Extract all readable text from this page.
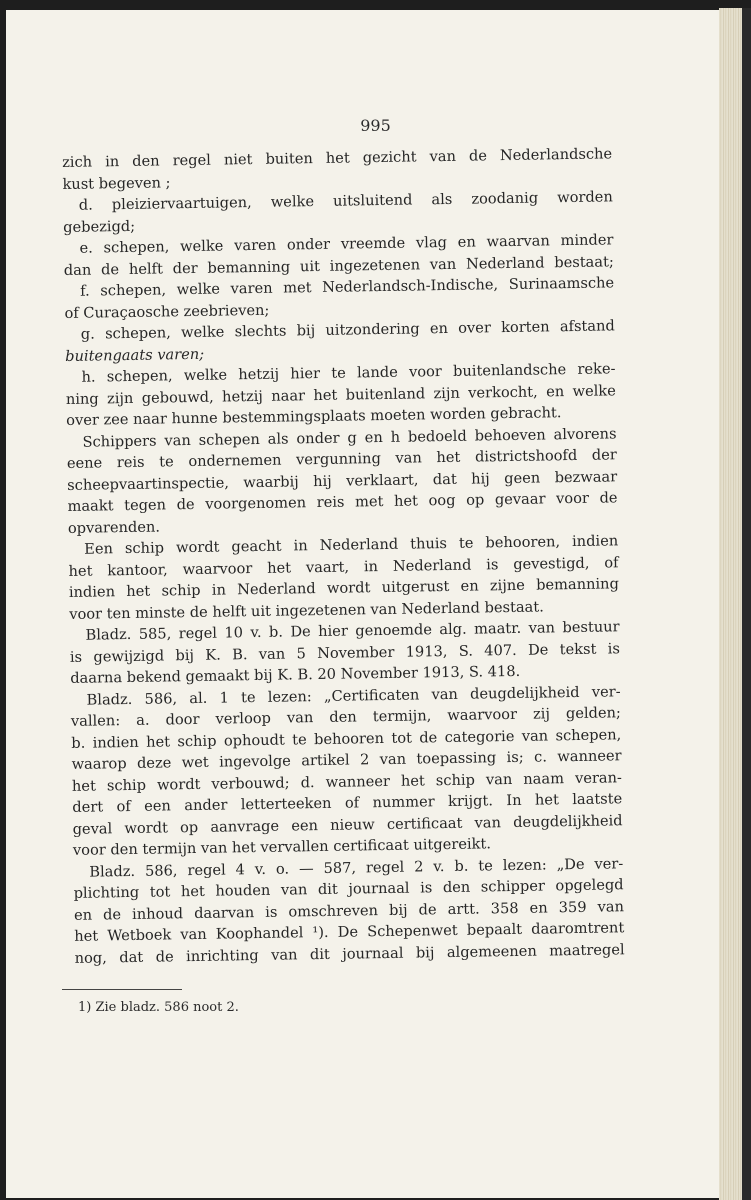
995
zich in den regel niet buiten het gezicht van de Nederlandsche
kust begeven ;
d. pleiziervaartuigen, welke uitsluitend als zoodanig worden
gebezigd;
e. schepen, welke varen onder vreemde vlag en waarvan minder
dan de helft der bemanning uit ingezetenen van Nederland bestaat;
f. schepen, welke varen met Nederlandsch-Indische, Surinaamsche
of Curaçaosche zeebrieven;
g. schepen, welke slechts bij uitzondering en over korten afstand
buitengaats varen;
h. schepen, welke hetzij hier te lande voor buitenlandsche reke-
ning zijn gebouwd, hetzij naar het buitenland zijn verkocht, en welke
over zee naar hunne bestemmingsplaats moeten worden gebracht.
Schippers van schepen als onder g en h bedoeld behoeven alvorens
eene reis te ondernemen vergunning van het districtshoofd der
scheepvaartinspectie, waarbij hij verklaart, dat hij geen bezwaar
maakt tegen de voorgenomen reis met het oog op gevaar voor de
opvarenden.
Een schip wordt geacht in Nederland thuis te behooren, indien
het kantoor, waarvoor het vaart, in Nederland is gevestigd, of
indien het schip in Nederland wordt uitgerust en zijne bemanning
voor ten minste de helft uit ingezetenen van Nederland bestaat.
Bladz. 585, regel 10 v. b. De hier genoemde alg. maatr. van bestuur
is gewijzigd bij K. B. van 5 November 1913, S. 407. De tekst is
daarna bekend gemaakt bij K. B. 20 November 1913, S. 418.
Bladz. 586, al. 1 te lezen: „Certificaten van deugdelijkheid ver-
vallen: a. door verloop van den termijn, waarvoor zij gelden;
b. indien het schip ophoudt te behooren tot de categorie van schepen,
waarop deze wet ingevolge artikel 2 van toepassing is; c. wanneer
het schip wordt verbouwd; d. wanneer het schip van naam veran-
dert of een ander letterteeken of nummer krijgt. In het laatste
geval wordt op aanvrage een nieuw certificaat van deugdelijkheid
voor den termijn van het vervallen certificaat uitgereikt.
Bladz. 586, regel 4 v. o. — 587, regel 2 v. b. te lezen: „De ver-
plichting tot het houden van dit journaal is den schipper opgelegd
en de inhoud daarvan is omschreven bij de artt. 358 en 359 van
het Wetboek van Koophandel ¹). De Schepenwet bepaalt daaromtrent
nog, dat de inrichting van dit journaal bij algemeenen maatregel
1) Zie bladz. 586 noot 2.
